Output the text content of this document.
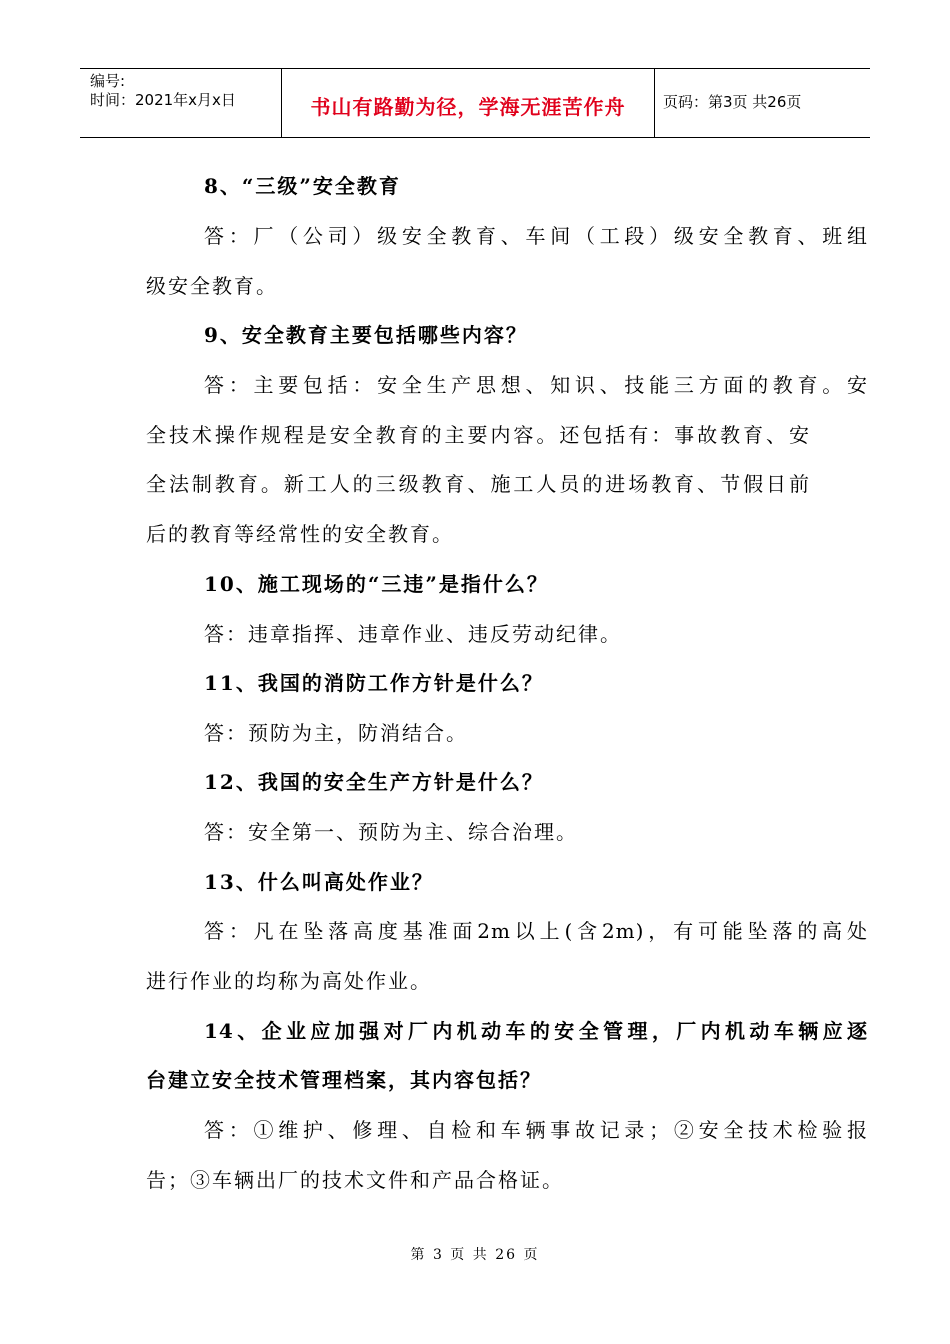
编号:
时间：2021年x月x日	书山有路勤为径，学海无涯苦作舟	页码：第3页 共26页
8、“三级”安全教育
答：厂（公司）级安全教育、车间（工段）级安全教育、班组
级安全教育。
9、安全教育主要包括哪些内容？
答：主要包括：安全生产思想、知识、技能三方面的教育。安
全技术操作规程是安全教育的主要内容。还包括有：事故教育、安
全法制教育。新工人的三级教育、施工人员的进场教育、节假日前
后的教育等经常性的安全教育。
10、施工现场的“三违”是指什么？
答：违章指挥、违章作业、违反劳动纪律。
11、我国的消防工作方针是什么？
答：预防为主，防消结合。
12、我国的安全生产方针是什么？
答：安全第一、预防为主、综合治理。
13、什么叫高处作业？
答：凡在坠落高度基准面2m以上(含2m)，有可能坠落的高处
进行作业的均称为高处作业。
14、企业应加强对厂内机动车的安全管理，厂内机动车辆应逐
台建立安全技术管理档案，其内容包括？
答：①维护、修理、自检和车辆事故记录；②安全技术检验报
告；③车辆出厂的技术文件和产品合格证。
第 3 页 共 26 页
